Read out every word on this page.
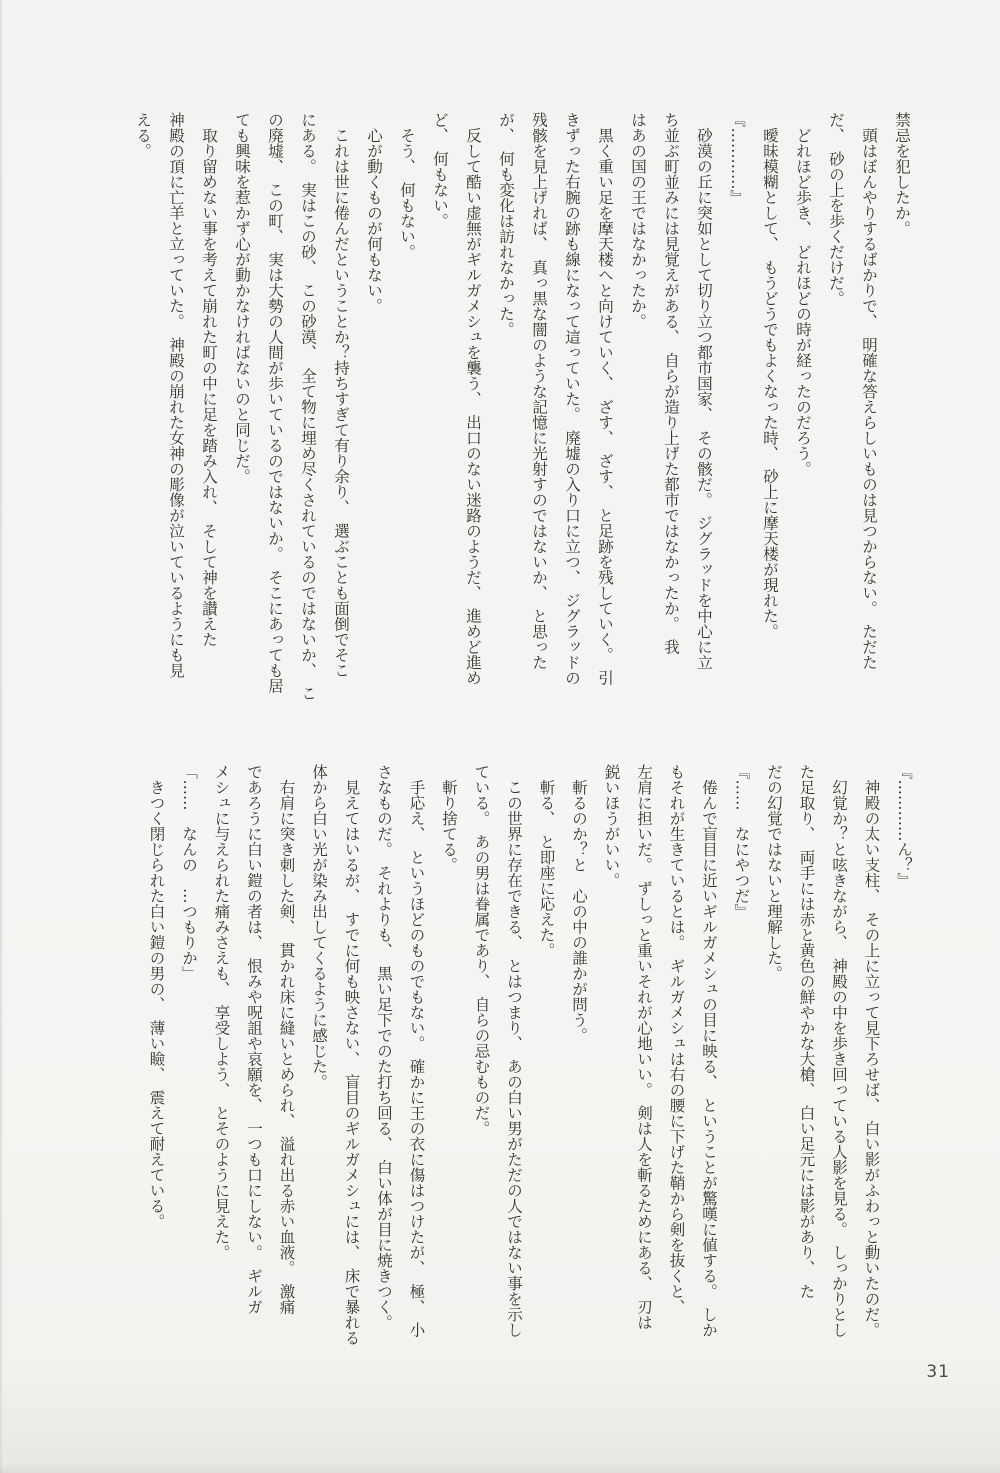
禁忌を犯したか。
　頭はぼんやりするばかりで、　明確な答えらしいものは見つからない。　ただた
だ、　砂の上を歩くだけだ。
　どれほど歩き、　どれほどの時が経ったのだろう。
　曖昧模糊として、　もうどうでもよくなった時、　砂上に摩天楼が現れた。
『…………』
　砂漠の丘に突如として切り立つ都市国家、　その骸だ。　ジグラッドを中心に立
ち並ぶ町並みには見覚えがある、　自らが造り上げた都市ではなかったか。　我
はあの国の王ではなかったか。
　黒く重い足を摩天楼へと向けていく、　ざす、　ざす、　と足跡を残していく。　引
きずった右腕の跡も線になって這っていた。　廃墟の入り口に立つ、　ジグラッドの
残骸を見上げれば、　真っ黒な闇のような記憶に光射すのではないか、　と思った
が、　何も変化は訪れなかった。
　反して酷い虚無がギルガメシュを襲う、　出口のない迷路のようだ、　進めど進め
ど、　何もない。
　そう、　何もない。
　心が動くものが何もない。
　これは世に倦んだということか？持ちすぎて有り余り、　選ぶことも面倒でそこ
にある。　実はこの砂、　この砂漠、　全て物に埋め尽くされているのではないか、　こ
の廃墟、　この町、　実は大勢の人間が歩いているのではないか。　そこにあっても居
ても興味を惹かず心が動かなければないのと同じだ。
　取り留めない事を考えて崩れた町の中に足を踏み入れ、　そして神を讃えた
神殿の頂に亡羊と立っていた。　神殿の崩れた女神の彫像が泣いているようにも見
える。
『…………ん？』
　神殿の太い支柱、　その上に立って見下ろせば、　白い影がふわっと動いたのだ。
　幻覚か？と呟きながら、　神殿の中を歩き回っている人影を見る。　しっかりとし
た足取り、　両手には赤と黄色の鮮やかな大槍、　白い足元には影があり、　た
だの幻覚ではないと理解した。
『……　なにやつだ』
　倦んで盲目に近いギルガメシュの目に映る、　ということが驚嘆に値する。　しか
もそれが生きているとは。　ギルガメシュは右の腰に下げた鞘から剣を抜くと、
左肩に担いだ。　ずしっと重いそれが心地いい。　剣は人を斬るためにある、　刃は
鋭いほうがいい。
　斬るのか？と　心の中の誰かが問う。
　斬る、　と即座に応えた。
　この世界に存在できる、　とはつまり、　あの白い男がただの人ではない事を示し
ている。　あの男は眷属であり、　自らの忌むものだ。
　斬り捨てる。
　手応え、　というほどのものでもない。　確かに王の衣に傷はつけたが、　極、　小
さなものだ。　それよりも、　黒い足下でのた打ち回る、　白い体が目に焼きつく。
　見えてはいるが、　すでに何も映さない、　盲目のギルガメシュには、　床で暴れる
体から白い光が染み出してくるように感じた。
　右肩に突き刺した剣、　貫かれ床に縫いとめられ、　溢れ出る赤い血液。　激痛
であろうに白い鎧の者は、　恨みや呪詛や哀願を、　一つも口にしない。　ギルガ
メシュに与えられた痛みさえも、　享受しよう、　とそのように見えた。
「……　なんの　…つもりか」
　きつく閉じられた白い鎧の男の、　薄い瞼、　震えて耐えている。
31
